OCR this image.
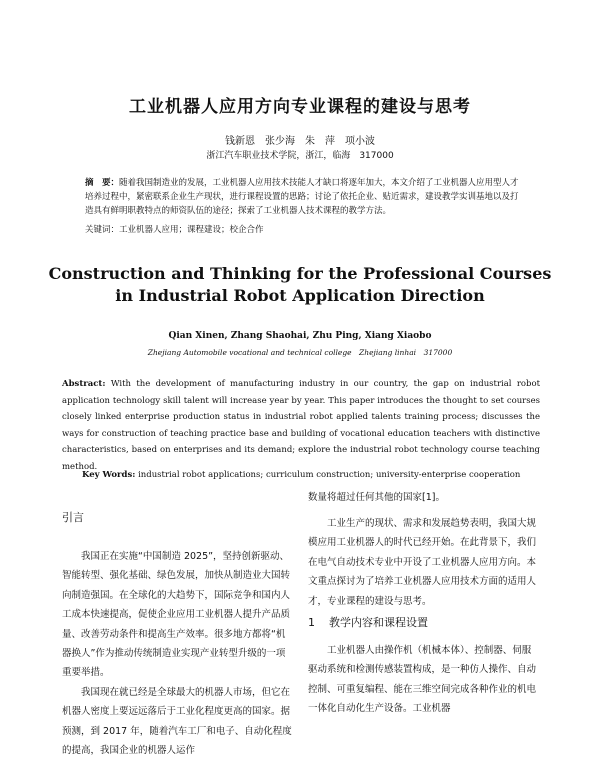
工业机器人应用方向专业课程的建设与思考
钱新恩　张少海　朱　萍　项小波
浙江汽车职业技术学院，浙江，临海　317000
摘　要：随着我国制造业的发展，工业机器人应用技术技能人才缺口将逐年加大，本文介绍了工业机器人应用型人才培养过程中，紧密联系企业生产现状，进行课程设置的思路；讨论了依托企业、贴近需求，建设教学实训基地以及打造具有鲜明职教特点的师资队伍的途径；探索了工业机器人技术课程的教学方法。
关键词：工业机器人应用；课程建设；校企合作
Construction and Thinking for the Professional Courses in Industrial Robot Application Direction
Qian Xinen, Zhang Shaohai, Zhu Ping, Xiang Xiaobo
Zhejiang Automobile vocational and technical college　Zhejiang linhai　317000
Abstract: With the development of manufacturing industry in our country, the gap on industrial robot application technology skill talent will increase year by year. This paper introduces the thought to set courses closely linked enterprise production status in industrial robot applied talents training process; discusses the ways for construction of teaching practice base and building of vocational education teachers with distinctive characteristics, based on enterprises and its demand; explore the industrial robot technology course teaching method.
Key Words: industrial robot applications; curriculum construction; university-enterprise cooperation
引言

我国正在实施“中国制造 2025”，坚持创新驱动、智能转型、强化基础、绿色发展，加快从制造业大国转向制造强国。在全球化的大趋势下，国际竞争和国内人工成本快速提高，促使企业应用工业机器人提升产品质量、改善劳动条件和提高生产效率。很多地方都将“机器换人”作为推动传统制造业实现产业转型升级的一项重要举措。

我国现在就已经是全球最大的机器人市场，但它在机器人密度上要远远落后于工业化程度更高的国家。据预测，到 2017 年，随着汽车工厂和电子、自动化程度的提高，我国企业的机器人运作

数量将超过任何其他的国家[1]。
工业生产的现状、需求和发展趋势表明，我国大规模应用工业机器人的时代已经开始。在此背景下，我们在电气自动技术专业中开设了工业机器人应用方向。本文重点探讨为了培养工业机器人应用技术方面的适用人才，专业课程的建设与思考。
1 教学内容和课程设置
工业机器人由操作机（机械本体）、控制器、伺服驱动系统和检测传感装置构成，是一种仿人操作、自动控制、可重复编程、能在三维空间完成各种作业的机电一体化自动化生产设备。工业机器
